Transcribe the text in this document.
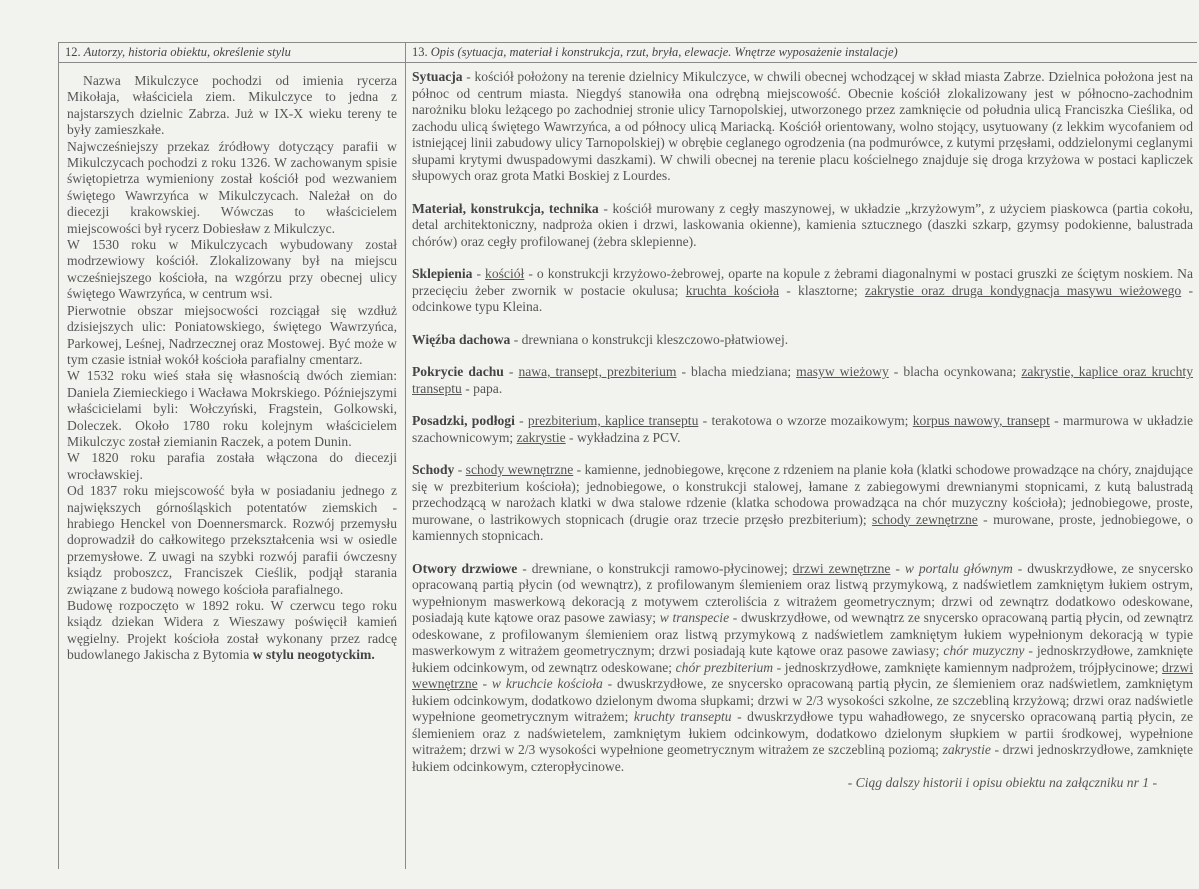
12. Autorzy, historia obiektu, określenie stylu

Nazwa Mikulczyce pochodzi od imienia rycerza Mikołaja, właściciela ziem. Mikulczyce to jedna z najstarszych dzielnic Zabrza. Już w IX-X wieku tereny te były zamieszkałe.

Najwcześniejszy przekaz źródłowy dotyczący parafii w Mikulczycach pochodzi z roku 1326. W zachowanym spisie świętopietrza wymieniony został kościół pod wezwaniem świętego Wawrzyńca w Mikulczycach. Należał on do diecezji krakowskiej. Wówczas to właścicielem miejscowości był rycerz Dobiesław z Mikulczyc.

W 1530 roku w Mikulczycach wybudowany został modrzewiowy kościół. Zlokalizowany był na miejscu wcześniejszego kościoła, na wzgórzu przy obecnej ulicy świętego Wawrzyńca, w centrum wsi.

Pierwotnie obszar miejsocwości rozciągał się wzdłuż dzisiejszych ulic: Poniatowskiego, świętego Wawrzyńca, Parkowej, Leśnej, Nadrzecznej oraz Mostowej. Być może w tym czasie istniał wokół kościoła parafialny cmentarz.

W 1532 roku wieś stała się własnością dwóch ziemian: Daniela Ziemieckiego i Wacława Mokrskiego. Późniejszymi właścicielami byli: Wołczyński, Fragstein, Golkowski, Doleczek. Około 1780 roku kolejnym właścicielem Mikulczyc został ziemianin Raczek, a potem Dunin.

W 1820 roku parafia została włączona do diecezji wrocławskiej.

Od 1837 roku miejscowość była w posiadaniu jednego z największych górnośląskich potentatów ziemskich - hrabiego Henckel von Doennersmarck. Rozwój przemysłu doprowadził do całkowitego przekształcenia wsi w osiedle przemysłowe. Z uwagi na szybki rozwój parafii ówczesny ksiądz proboszcz, Franciszek Cieślik, podjął starania związane z budową nowego kościoła parafialnego.

Budowę rozpoczęto w 1892 roku. W czerwcu tego roku ksiądz dziekan Widera z Wieszawy poświęcił kamień węgielny. Projekt kościoła został wykonany przez radcę budowlanego Jakischa z Bytomia w stylu neogotyckim.

13. Opis (sytuacja, materiał i konstrukcja, rzut, bryła, elewacje. Wnętrze wyposażenie instalacje)

Sytuacja - kościół położony na terenie dzielnicy Mikulczyce, w chwili obecnej wchodzącej w skład miasta Zabrze. Dzielnica położona jest na północ od centrum miasta. Niegdyś stanowiła ona odrębną miejscowość. Obecnie kościół zlokalizowany jest w północno-zachodnim narożniku bloku leżącego po zachodniej stronie ulicy Tarnopolskiej, utworzonego przez zamknięcie od południa ulicą Franciszka Cieślika, od zachodu ulicą świętego Wawrzyńca, a od północy ulicą Mariacką. Kościół orientowany, wolno stojący, usytuowany (z lekkim wycofaniem od istniejącej linii zabudowy ulicy Tarnopolskiej) w obrębie ceglanego ogrodzenia (na podmurówce, z kutymi przęsłami, oddzielonymi ceglanymi słupami krytymi dwuspadowymi daszkami). W chwili obecnej na terenie placu kościelnego znajduje się droga krzyżowa w postaci kapliczek słupowych oraz grota Matki Boskiej z Lourdes.

Materiał, konstrukcja, technika - kościół murowany z cegły maszynowej, w układzie „krzyżowym”, z użyciem piaskowca (partia cokołu, detal architektoniczny, nadproża okien i drzwi, laskowania okienne), kamienia sztucznego (daszki szkarp, gzymsy podokienne, balustrada chórów) oraz cegły profilowanej (żebra sklepienne).

Sklepienia - kościół - o konstrukcji krzyżowo-żebrowej, oparte na kopule z żebrami diagonalnymi w postaci gruszki ze ściętym noskiem. Na przecięciu żeber zwornik w postacie okulusa; kruchta kościoła - klasztorne; zakrystie oraz druga kondygnacja masywu wieżowego - odcinkowe typu Kleina.

Więźba dachowa - drewniana o konstrukcji kleszczowo-płatwiowej.

Pokrycie dachu - nawa, transept, prezbiterium - blacha miedziana; masyw wieżowy - blacha ocynkowana; zakrystie, kaplice oraz kruchty transeptu - papa.

Posadzki, podłogi - prezbiterium, kaplice transeptu - terakotowa o wzorze mozaikowym; korpus nawowy, transept - marmurowa w układzie szachownicowym; zakrystie - wykładzina z PCV.

Schody - schody wewnętrzne - kamienne, jednobiegowe, kręcone z rdzeniem na planie koła (klatki schodowe prowadzące na chóry, znajdujące się w prezbiterium kościoła); jednobiegowe, o konstrukcji stalowej, łamane z zabiegowymi drewnianymi stopnicami, z kutą balustradą przechodzącą w narożach klatki w dwa stalowe rdzenie (klatka schodowa prowadząca na chór muzyczny kościoła); jednobiegowe, proste, murowane, o lastrikowych stopnicach (drugie oraz trzecie przęsło prezbiterium); schody zewnętrzne - murowane, proste, jednobiegowe, o kamiennych stopnicach.

Otwory drzwiowe - drewniane, o konstrukcji ramowo-płycinowej; drzwi zewnętrzne - w portalu głównym - dwuskrzydłowe, ze snycersko opracowaną partią płycin (od wewnątrz), z profilowanym ślemieniem oraz listwą przymykową, z nadświetlem zamkniętym łukiem ostrym, wypełnionym maswerkową dekoracją z motywem czteroliścia z witrażem geometrycznym; drzwi od zewnątrz dodatkowo odeskowane, posiadają kute kątowe oraz pasowe zawiasy; w transpecie - dwuskrzydłowe, od wewnątrz ze snycersko opracowaną partią płycin, od zewnątrz odeskowane, z profilowanym ślemieniem oraz listwą przymykową z nadświetlem zamkniętym łukiem wypełnionym dekoracją w typie maswerkowym z witrażem geometrycznym; drzwi posiadają kute kątowe oraz pasowe zawiasy; chór muzyczny - jednoskrzydłowe, zamknięte łukiem odcinkowym, od zewnątrz odeskowane; chór prezbiterium - jednoskrzydłowe, zamknięte kamiennym nadprożem, trójpłycinowe; drzwi wewnętrzne - w kruchcie kościoła - dwuskrzydłowe, ze snycersko opracowaną partią płycin, ze ślemieniem oraz nadświetlem, zamkniętym łukiem odcinkowym, dodatkowo dzielonym dwoma słupkami; drzwi w 2/3 wysokości szkolne, ze szczebliną krzyżową; drzwi oraz nadświetle wypełnione geometrycznym witrażem; kruchty transeptu - dwuskrzydłowe typu wahadłowego, ze snycersko opracowaną partią płycin, ze ślemieniem oraz z nadświetelem, zamkniętym łukiem odcinkowym, dodatkowo dzielonym słupkiem w partii środkowej, wypełnione witrażem; drzwi w 2/3 wysokości wypełnione geometrycznym witrażem ze szczebliną poziomą; zakrystie - drzwi jednoskrzydłowe, zamknięte łukiem odcinkowym, czteropłycinowe.

- Ciąg dalszy historii i opisu obiektu na załączniku nr 1 -
